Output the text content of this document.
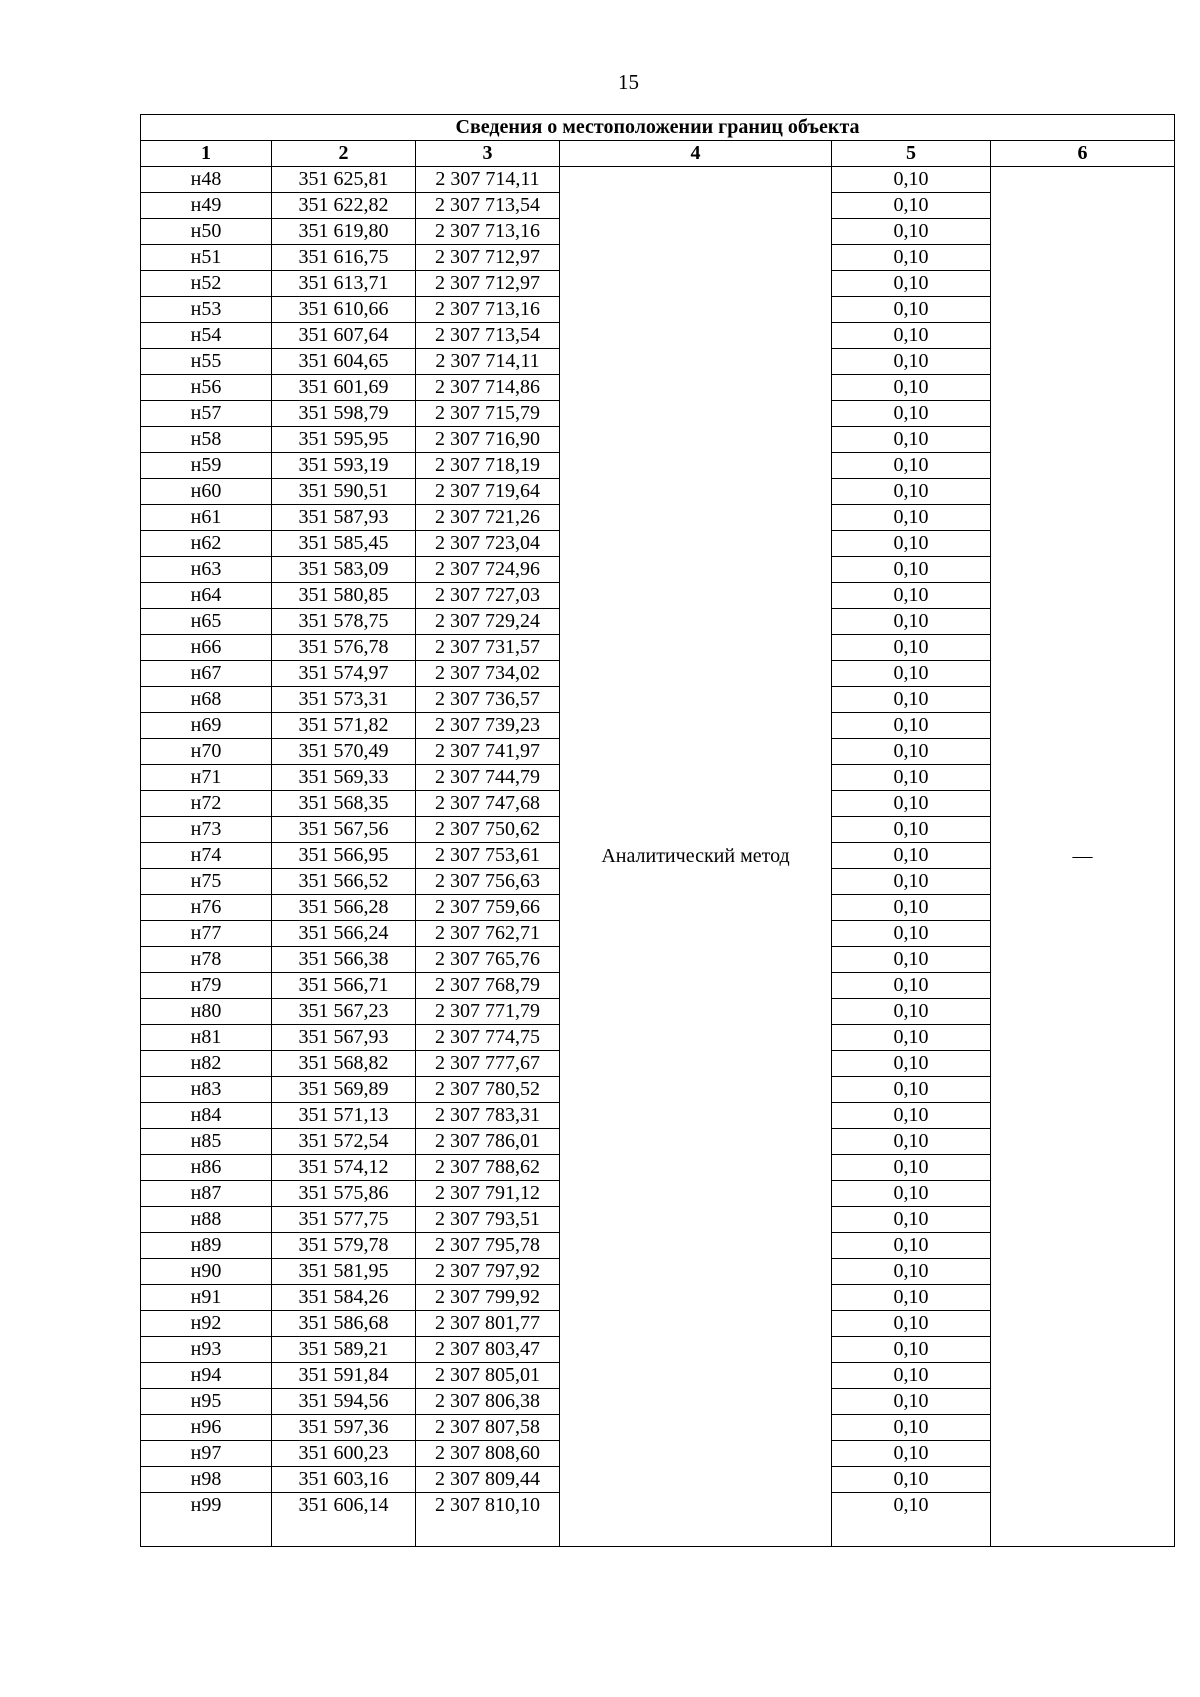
15
Сведения о местоположении границ объекта					
1	2	3	4	5	6
н48	351 625,81	2 307 714,11	Аналитический метод	0,10	—
н49	351 622,82	2 307 713,54		0,10	
н50	351 619,80	2 307 713,16		0,10	
н51	351 616,75	2 307 712,97		0,10	
н52	351 613,71	2 307 712,97		0,10	
н53	351 610,66	2 307 713,16		0,10	
н54	351 607,64	2 307 713,54		0,10	
н55	351 604,65	2 307 714,11		0,10	
н56	351 601,69	2 307 714,86		0,10	
н57	351 598,79	2 307 715,79		0,10	
н58	351 595,95	2 307 716,90		0,10	
н59	351 593,19	2 307 718,19		0,10	
н60	351 590,51	2 307 719,64		0,10	
н61	351 587,93	2 307 721,26		0,10	
н62	351 585,45	2 307 723,04		0,10	
н63	351 583,09	2 307 724,96		0,10	
н64	351 580,85	2 307 727,03		0,10	
н65	351 578,75	2 307 729,24		0,10	
н66	351 576,78	2 307 731,57		0,10	
н67	351 574,97	2 307 734,02		0,10	
н68	351 573,31	2 307 736,57		0,10	
н69	351 571,82	2 307 739,23		0,10	
н70	351 570,49	2 307 741,97		0,10	
н71	351 569,33	2 307 744,79		0,10	
н72	351 568,35	2 307 747,68		0,10	
н73	351 567,56	2 307 750,62		0,10	
н74	351 566,95	2 307 753,61		0,10	
н75	351 566,52	2 307 756,63		0,10	
н76	351 566,28	2 307 759,66		0,10	
н77	351 566,24	2 307 762,71		0,10	
н78	351 566,38	2 307 765,76		0,10	
н79	351 566,71	2 307 768,79		0,10	
н80	351 567,23	2 307 771,79		0,10	
н81	351 567,93	2 307 774,75		0,10	
н82	351 568,82	2 307 777,67		0,10	
н83	351 569,89	2 307 780,52		0,10	
н84	351 571,13	2 307 783,31		0,10	
н85	351 572,54	2 307 786,01		0,10	
н86	351 574,12	2 307 788,62		0,10	
н87	351 575,86	2 307 791,12		0,10	
н88	351 577,75	2 307 793,51		0,10	
н89	351 579,78	2 307 795,78		0,10	
н90	351 581,95	2 307 797,92		0,10	
н91	351 584,26	2 307 799,92		0,10	
н92	351 586,68	2 307 801,77		0,10	
н93	351 589,21	2 307 803,47		0,10	
н94	351 591,84	2 307 805,01		0,10	
н95	351 594,56	2 307 806,38		0,10	
н96	351 597,36	2 307 807,58		0,10	
н97	351 600,23	2 307 808,60		0,10	
н98	351 603,16	2 307 809,44		0,10	
н99	351 606,14	2 307 810,10		0,10	
